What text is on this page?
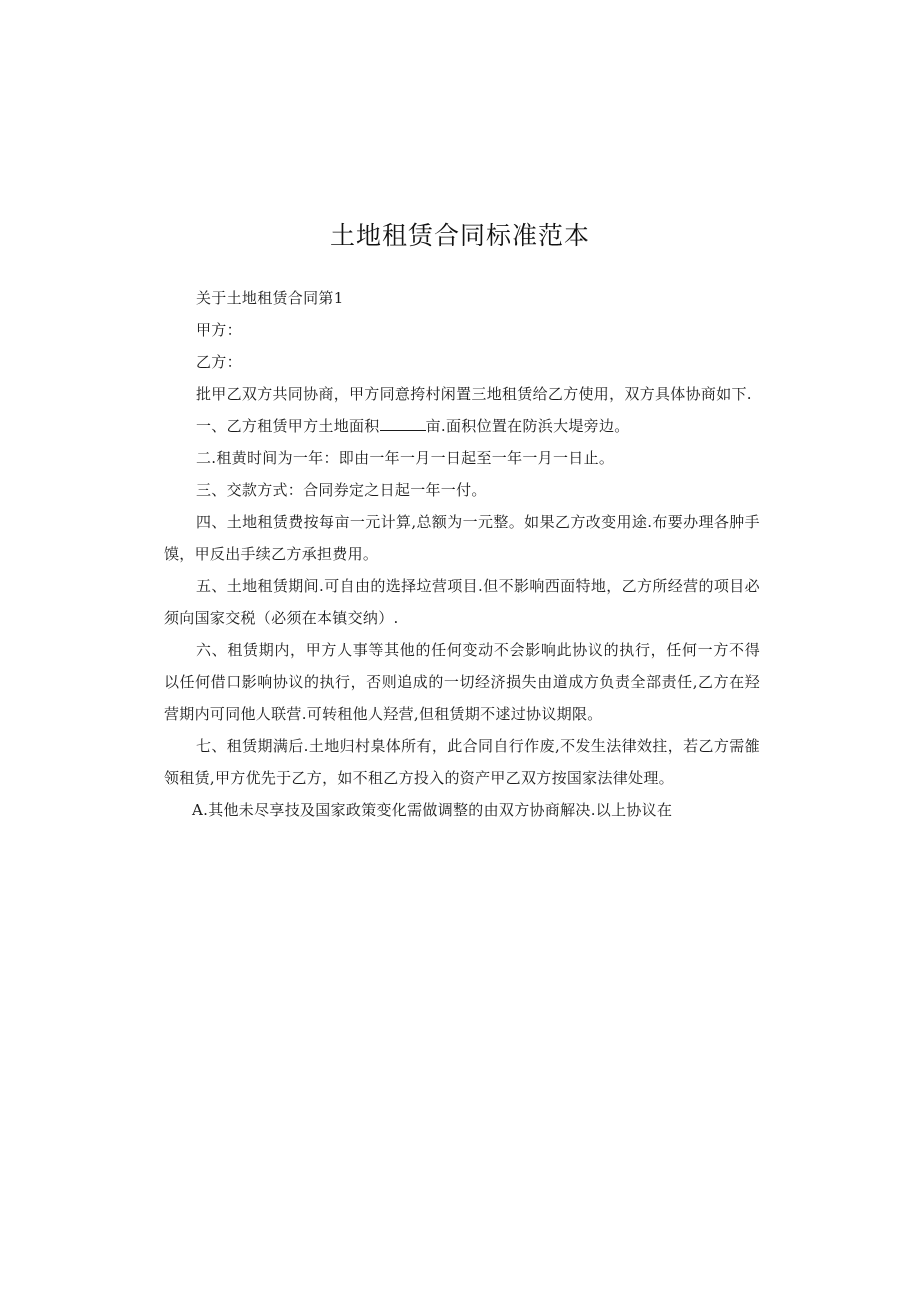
土地租赁合同标准范本

关于土地租赁合同第1

甲方：

乙方：

批甲乙双方共同协商，甲方同意挎村闲置三地租赁给乙方使用，双方具体协商如下.

一、乙方租赁甲方土地面积	亩.面积位置在防浜大堤旁边。

二.租黄时间为一年：即由一年一月一日起至一年一月一日止。

三、交款方式：合同券定之日起一年一付。

四、土地租赁费按每亩一元计算,总额为一元整。如果乙方改变用途.布要办理各肿手馍，甲反出手续乙方承担费用。

五、土地租赁期间.可自由的选择垃营项目.但不影响西面特地，乙方所经营的项目必须向国家交税（必须在本镇交纳）.

六、租赁期内，甲方人事等其他的任何变动不会影响此协议的执行，任何一方不得以任何借口影响协议的执行，否则追成的一切经济损失由道成方负责全部责任,乙方在羟营期内可同他人联营.可转租他人羟营,但租赁期不逑过协议期限。

七、租赁期满后.土地归村臬体所有，此合同自行作废,不发生法律效拄，若乙方需雒领租赁,甲方优先于乙方，如不租乙方投入的资产甲乙双方按国家法律处理。

A.其他未尽享技及国家政策变化需做调整的由双方协商解决.以上协议在
